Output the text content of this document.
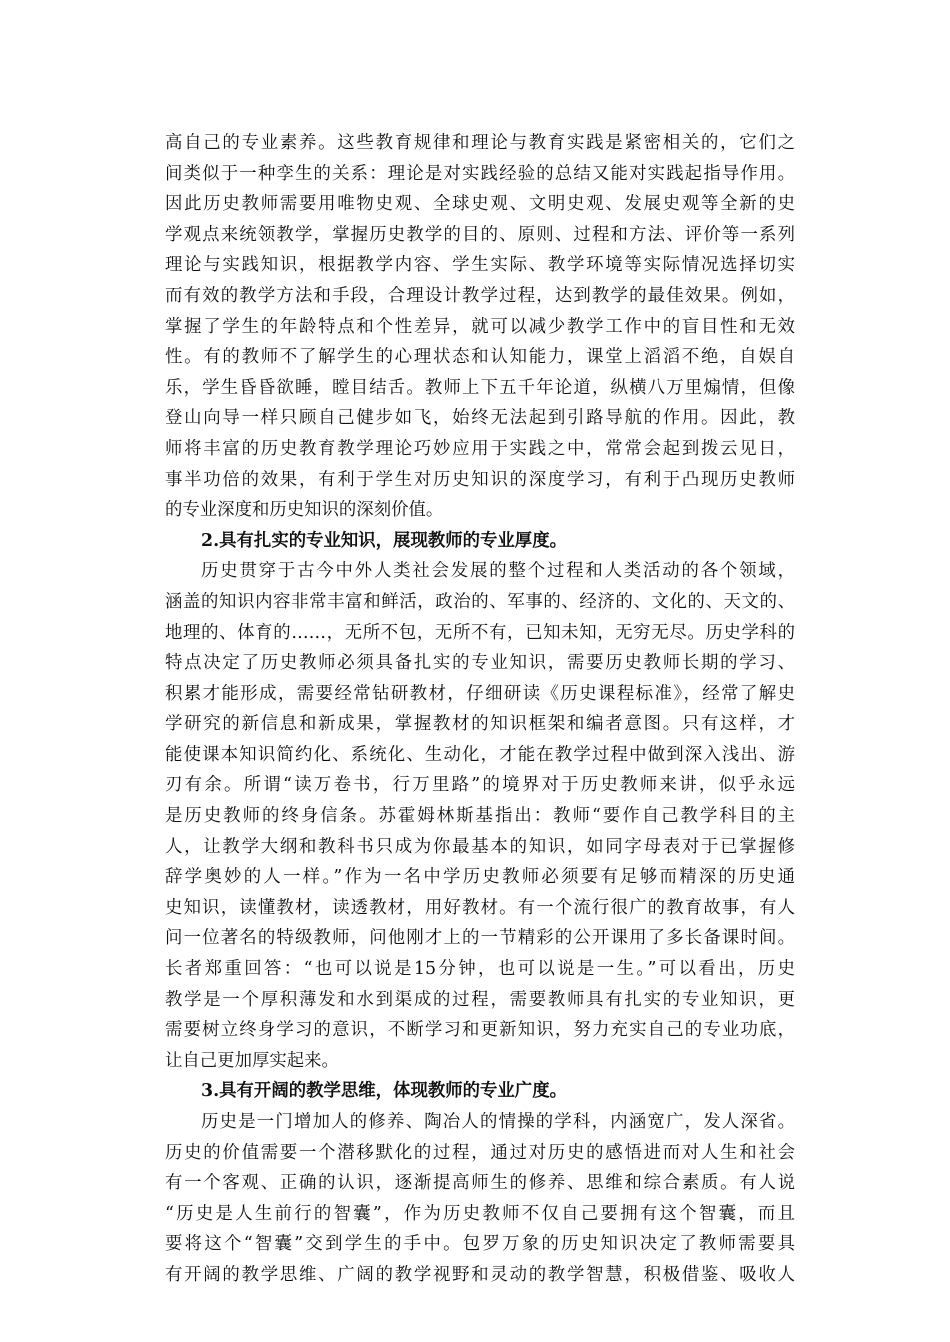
高自己的专业素养。这些教育规律和理论与教育实践是紧密相关的，它们之
间类似于一种孪生的关系：理论是对实践经验的总结又能对实践起指导作用。
因此历史教师需要用唯物史观、全球史观、文明史观、发展史观等全新的史
学观点来统领教学，掌握历史教学的目的、原则、过程和方法、评价等一系列
理论与实践知识，根据教学内容、学生实际、教学环境等实际情况选择切实
而有效的教学方法和手段，合理设计教学过程，达到教学的最佳效果。例如，
掌握了学生的年龄特点和个性差异，就可以减少教学工作中的盲目性和无效
性。有的教师不了解学生的心理状态和认知能力，课堂上滔滔不绝，自娱自
乐，学生昏昏欲睡，瞠目结舌。教师上下五千年论道，纵横八万里煽情，但像
登山向导一样只顾自己健步如飞，始终无法起到引路导航的作用。因此，教
师将丰富的历史教育教学理论巧妙应用于实践之中，常常会起到拨云见日，
事半功倍的效果，有利于学生对历史知识的深度学习，有利于凸现历史教师
的专业深度和历史知识的深刻价值。
2.具有扎实的专业知识，展现教师的专业厚度。
历史贯穿于古今中外人类社会发展的整个过程和人类活动的各个领域，
涵盖的知识内容非常丰富和鲜活，政治的、军事的、经济的、文化的、天文的、
地理的、体育的……，无所不包，无所不有，已知未知，无穷无尽。历史学科的
特点决定了历史教师必须具备扎实的专业知识，需要历史教师长期的学习、
积累才能形成，需要经常钻研教材，仔细研读《历史课程标准》，经常了解史
学研究的新信息和新成果，掌握教材的知识框架和编者意图。只有这样，才
能使课本知识简约化、系统化、生动化，才能在教学过程中做到深入浅出、游
刃有余。所谓“读万卷书，行万里路”的境界对于历史教师来讲，似乎永远
是历史教师的终身信条。苏霍姆林斯基指出：教师“要作自己教学科目的主
人，让教学大纲和教科书只成为你最基本的知识，如同字母表对于已掌握修
辞学奥妙的人一样。”作为一名中学历史教师必须要有足够而精深的历史通
史知识，读懂教材，读透教材，用好教材。有一个流行很广的教育故事，有人
问一位著名的特级教师，问他刚才上的一节精彩的公开课用了多长备课时间。
长者郑重回答：“也可以说是15分钟，也可以说是一生。”可以看出，历史
教学是一个厚积薄发和水到渠成的过程，需要教师具有扎实的专业知识，更
需要树立终身学习的意识，不断学习和更新知识，努力充实自己的专业功底，
让自己更加厚实起来。
3.具有开阔的教学思维，体现教师的专业广度。
历史是一门增加人的修养、陶冶人的情操的学科，内涵宽广，发人深省。
历史的价值需要一个潜移默化的过程，通过对历史的感悟进而对人生和社会
有一个客观、正确的认识，逐渐提高师生的修养、思维和综合素质。有人说
“历史是人生前行的智囊”，作为历史教师不仅自己要拥有这个智囊，而且
要将这个“智囊”交到学生的手中。包罗万象的历史知识决定了教师需要具
有开阔的教学思维、广阔的教学视野和灵动的教学智慧，积极借鉴、吸收人
